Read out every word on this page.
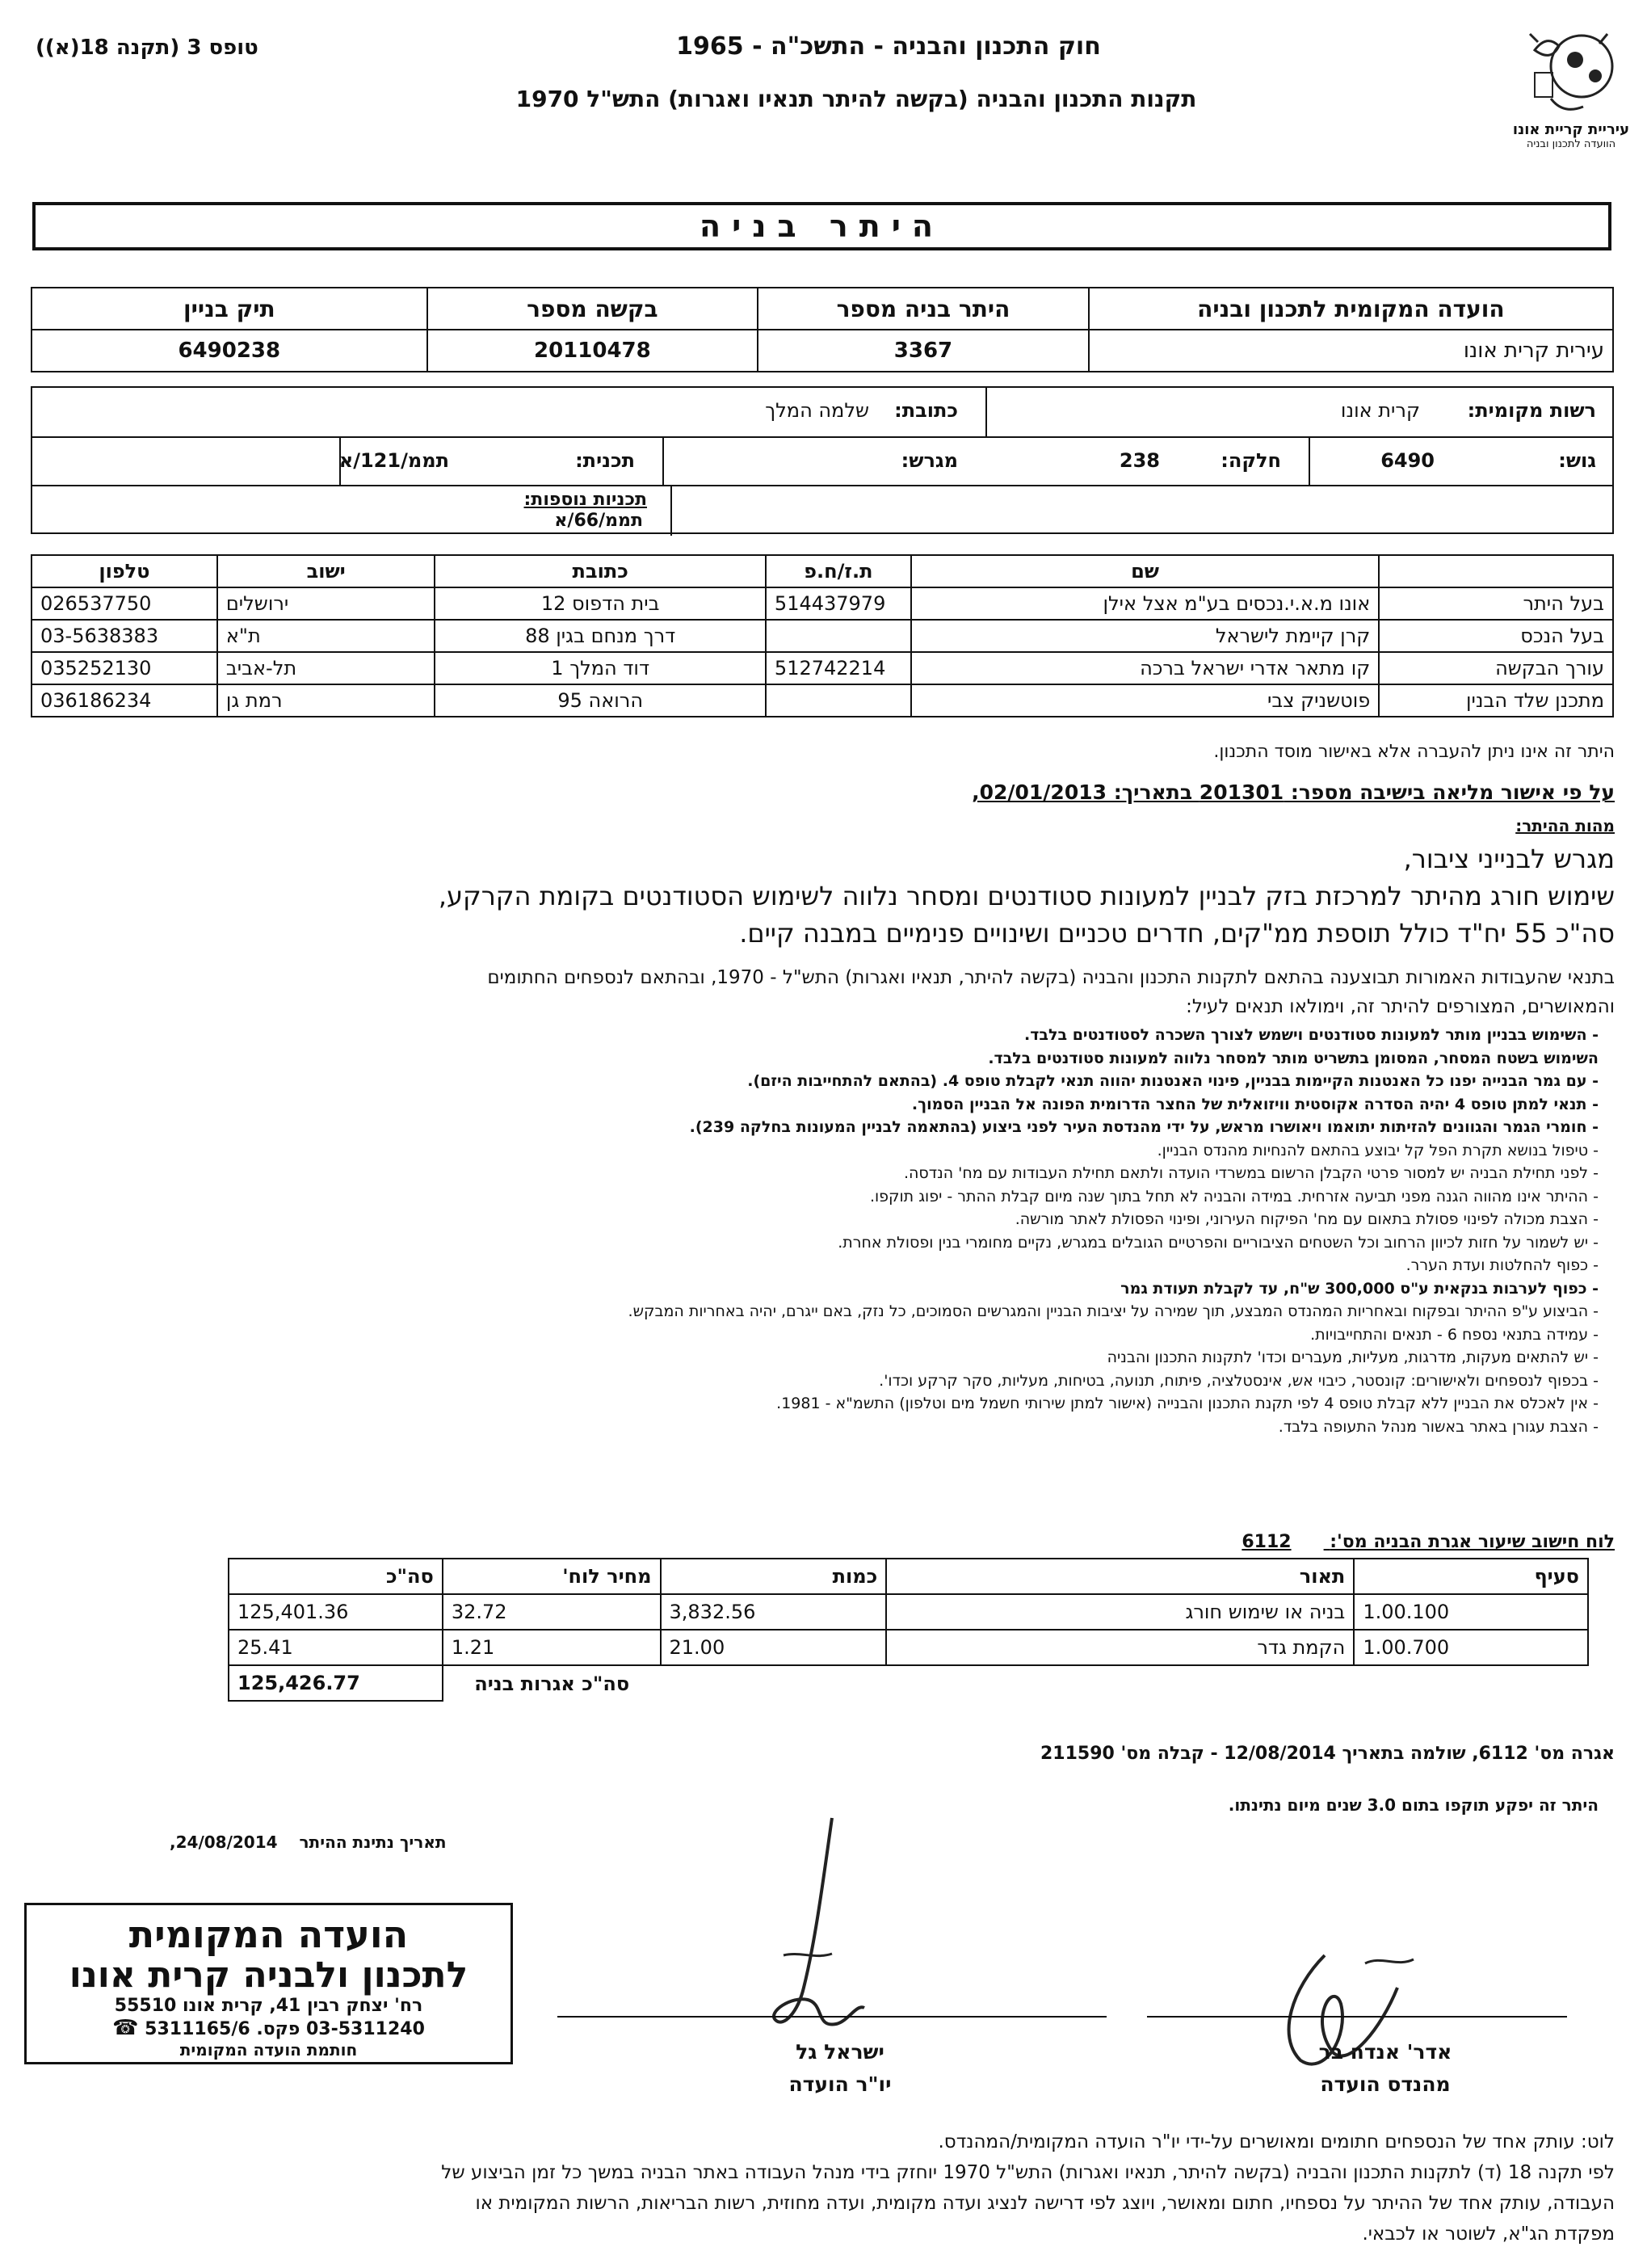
חוק התכנון והבניה - התשכ"ה - 1965
תקנות התכנון והבניה (בקשה להיתר תנאיו ואגרות) התש"ל 1970
טופס 3 (תקנה 18(א))
עיריית קריית אונו
הוועדה לתכנון ובניה
היתר בניה
הועדה המקומית לתכנון ובניה	היתר בניה מספר	בקשה מספר	תיק בניין
עירית קרית אונו	3367	20110478	6490238
רשות מקומית:
קרית אונו
כתובת:
שלמה המלך
גוש:
6490
חלקה:
238
מגרש:
תכנית:
תממ/121/א
תכניות נוספות:
תממ/66/א
	שם	ת.ז/ח.פ	כתובת	ישוב	טלפון
בעל היתר	אונו מ.א.י.נכסים בע"מ אצל אילן	514437979	בית הדפוס 12	ירושלים	026537750
בעל הנכס	קרן קיימת לישראל		דרך מנחם בגין 88	ת"א	03-5638383
עורך הבקשה	קו מתאר אדרי ישראל ברכה	512742214	דוד המלך 1	תל-אביב	035252130
מתכנן שלד הבנין	פוטשניק צבי		הרואה 95	רמת גן	036186234
היתר זה אינו ניתן להעברה אלא באישור מוסד התכנון.
על פי אישור מליאה בישיבה מספר: 201301 בתאריך: 02/01/2013,
מהות ההיתר:
מגרש לבנייני ציבור,
שימוש חורג מהיתר למרכזת בזק לבניין למעונות סטודנטים ומסחר נלווה לשימוש הסטודנטים בקומת הקרקע,
סה"כ 55 יח"ד כולל תוספת ממ"קים, חדרים טכניים ושינויים פנימיים במבנה קיים.
בתנאי שהעבודות האמורות תבוצענה בהתאם לתקנות התכנון והבניה (בקשה להיתר, תנאיו ואגרות) התש"ל - 1970, ובהתאם לנספחים החתומים
והמאושרים, המצורפים להיתר זה, וימולאו תנאים לעיל:
- השימוש בבניין מותר למעונות סטודנטים וישמש לצורך השכרה לסטודנטים בלבד.
השימוש בשטח המסחר, המסומן בתשריט מותר למסחר נלווה למעונות סטודנטים בלבד.
- עם גמר הבנייה יפנו כל האנטנות הקיימות בבניין, פינוי האנטנות יהווה תנאי לקבלת טופס 4. (בהתאם להתחייבות היזם).
- תנאי למתן טופס 4 יהיה הסדרה אקוסטית וויזואלית של החצר הדרומית הפונה אל הבניין הסמוך.
- חומרי הגמר והגוונים להזיתות יתואמו ויאושרו מראש, על ידי מהנדסת העיר לפני ביצוע (בהתאמה לבניין המעונות בחלקה 239).
- טיפול בנושא תקרת הפל קל יבוצע בהתאם להנחיות מהנדס הבניין.
- לפני תחילת הבניה יש למסור פרטי הקבלן הרשום במשרדי הועדה ולתאם תחילת העבודות עם מח' הנדסה.
- ההיתר אינו מהווה הגנה מפני תביעה אזרחית. במידה והבניה לא תחל בתוך שנה מיום קבלת ההתר - יפוג תוקפו.
- הצבת מכולה לפינוי פסולת בתאום עם מח' הפיקוח העירוני, ופינוי הפסולת לאתר מורשה.
- יש לשמור על חזות לכיוון הרחוב וכל השטחים הציבוריים והפרטיים הגובלים במגרש, נקיים מחומרי בנין ופסולת אחרת.
- כפוף להחלטות ועדת הערר.
- כפוף לערבות בנקאית ע"ס 300,000 ש"ח, עד לקבלת תעודת גמר
- הביצוע ע"פ ההיתר ובפקוח ובאחריות המהנדס המבצע, תוך שמירה על יציבות הבניין והמגרשים הסמוכים, כל נזק, באם ייגרם, יהיה באחריות המבקש.
- עמידה בתנאי נספח 6 - תנאים והתחייבויות.
- יש להתאים מעקות, מדרגות, מעליות, מעברים וכדו' לתקנות התכנון והבניה
- בכפוף לנספחים ולאישורים: קונסטר, כיבוי אש, אינסטלציה, פיתוח, תנועה, בטיחות, מעליות, סקר קרקע וכדו'.
- אין לאכלס את הבניין ללא קבלת טופס 4 לפי תקנת התכנון והבנייה (אישור למתן שירותי חשמל מים וטלפון) התשמ"א - 1981.
- הצבת עגורן באתר באשור מנהל התעופה בלבד.
לוח חישוב שיעור אגרת הבניה מס': 6112
סעיף	תאור	כמות	מחיר לוח'	סה"כ
1.00.100	בניה או שימוש חורג	3,832.56	32.72	125,401.36
1.00.700	הקמת גדר	21.00	1.21	25.41
			סה"כ אגרות בניה	125,426.77
אגרה מס' 6112, שולמה בתאריך 12/08/2014 - קבלה מס' 211590
היתר זה יפקע תוקפו בתום 3.0 שנים מיום נתינתו.
תאריך נתינת ההיתר 24/08/2014,
הועדה המקומית
לתכנון ולבניה קרית אונו
רח' יצחק רבין 41, קרית אונו 55510
03-5311240 פקס. 5311165/6 ☎
חותמת הועדה המקומית	אדר' אנדה בר
מהנדס הועדה
ישראל גל
יו"ר הועדה
לוט: עותק אחד של הנספחים חתומים ומאושרים על-ידי יו"ר הועדה המקומית/המהנדס.
לפי תקנה 18 (ד) לתקנות התכנון והבניה (בקשה להיתר, תנאיו ואגרות) התש"ל 1970 יוחזק בידי מנהל העבודה באתר הבניה במשך כל זמן הביצוע של
העבודה, עותק אחד של ההיתר על נספחיו, חתום ומאושר, ויוצג לפי דרישה לנציג ועדה מקומית, ועדה מחוזית, רשות הבריאות, הרשות המקומית או
מפקדת הג"א, לשוטר או לכבאי.
